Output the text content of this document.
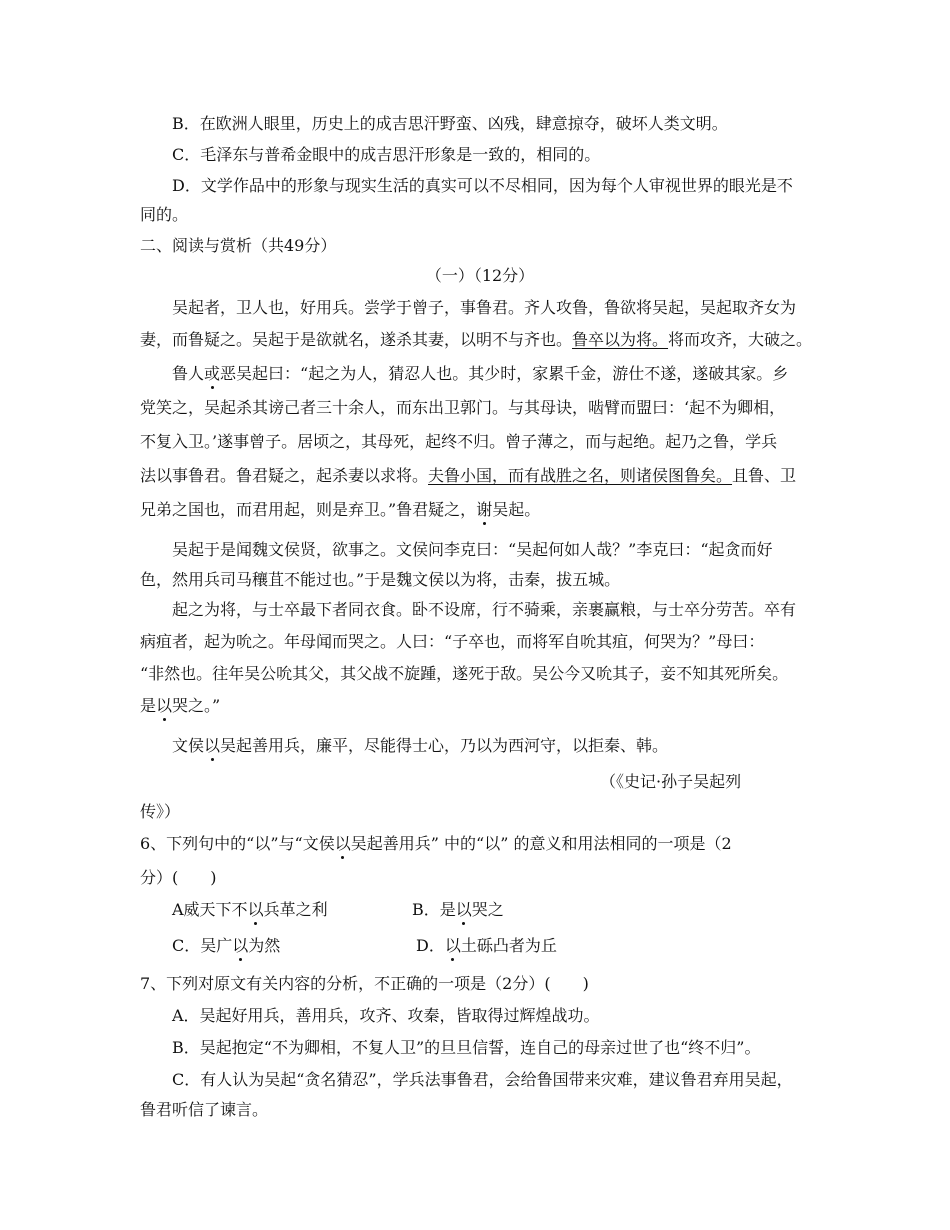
B．在欧洲人眼里，历史上的成吉思汗野蛮、凶残，肆意掠夺，破坏人类文明。
C．毛泽东与普希金眼中的成吉思汗形象是一致的，相同的。
D．文学作品中的形象与现实生活的真实可以不尽相同，因为每个人审视世界的眼光是不
同的。
二、阅读与赏析（共49分）
（一）（12分）
吴起者，卫人也，好用兵。尝学于曾子，事鲁君。齐人攻鲁，鲁欲将吴起，吴起取齐女为
妻，而鲁疑之。吴起于是欲就名，遂杀其妻，以明不与齐也。鲁卒以为将。将而攻齐，大破之。
鲁人或恶吴起曰：“起之为人，猜忍人也。其少时，家累千金，游仕不遂，遂破其家。乡
党笑之，吴起杀其谤己者三十余人，而东出卫郭门。与其母诀，啮臂而盟曰：‘起不为卿相，
不复入卫。’遂事曾子。居顷之，其母死，起终不归。曾子薄之，而与起绝。起乃之鲁，学兵
法以事鲁君。鲁君疑之，起杀妻以求将。夫鲁小国，而有战胜之名，则诸侯图鲁矣。且鲁、卫
兄弟之国也，而君用起，则是弃卫。”鲁君疑之，谢吴起。
吴起于是闻魏文侯贤，欲事之。文侯问李克曰：“吴起何如人哉？”李克曰：“起贪而好
色，然用兵司马穰苴不能过也。”于是魏文侯以为将，击秦，拔五城。
起之为将，与士卒最下者同衣食。卧不设席，行不骑乘，亲裹赢粮，与士卒分劳苦。卒有
病疽者，起为吮之。年母闻而哭之。人曰：“子卒也，而将军自吮其疽，何哭为？”母曰：
“非然也。往年吴公吮其父，其父战不旋踵，遂死于敌。吴公今又吮其子，妾不知其死所矣。
是以哭之。”
文侯以吴起善用兵，廉平，尽能得士心，乃以为西河守，以拒秦、韩。
（《史记·孙子吴起列
传》）
6、下列句中的“以”与“文侯以吴起善用兵” 中的“以” 的意义和用法相同的一项是（2
分）(　　)
A威天下不以兵革之利	B．是以哭之
C．吴广以为然	D．以土砾凸者为丘
7、下列对原文有关内容的分析，不正确的一项是（2分）(　　)
A．吴起好用兵，善用兵，攻齐、攻秦，皆取得过辉煌战功。
B．吴起抱定“不为卿相，不复人卫”的旦旦信誓，连自己的母亲过世了也“终不归”。
C．有人认为吴起“贪名猜忍”，学兵法事鲁君，会给鲁国带来灾难，建议鲁君弃用吴起，
鲁君听信了谏言。
